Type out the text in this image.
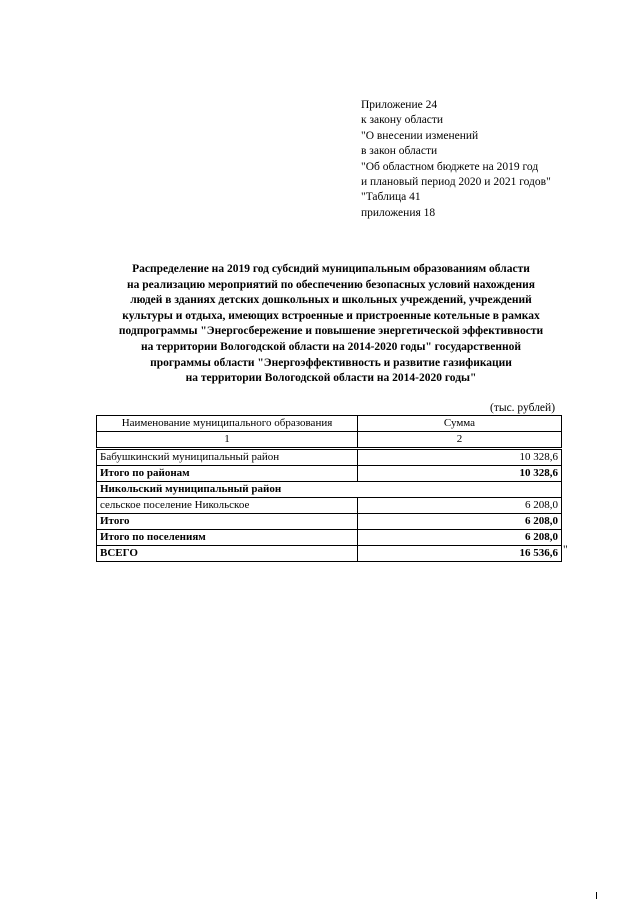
Приложение 24
к закону области
"О внесении изменений
в закон области
"Об областном бюджете на 2019 год
и плановый период 2020 и 2021 годов"
"Таблица 41
приложения 18
Распределение на 2019 год субсидий муниципальным образованиям области
на реализацию мероприятий по обеспечению безопасных условий нахождения
людей в зданиях детских дошкольных и школьных учреждений, учреждений
культуры и отдыха, имеющих встроенные и пристроенные котельные в рамках
подпрограммы "Энергосбережение и повышение энергетической эффективности
на территории Вологодской области на 2014-2020 годы" государственной
программы области "Энергоэффективность и развитие газификации
на территории Вологодской области на 2014-2020 годы"
(тыс. рублей)
Наименование муниципального образования	Сумма
1	2
Бабушкинский муниципальный район	10 328,6
Итого по районам	10 328,6
Никольский муниципальный район	
сельское поселение Никольское	6 208,0
Итого	6 208,0
Итого по поселениям	6 208,0
ВСЕГО	16 536,6 "
